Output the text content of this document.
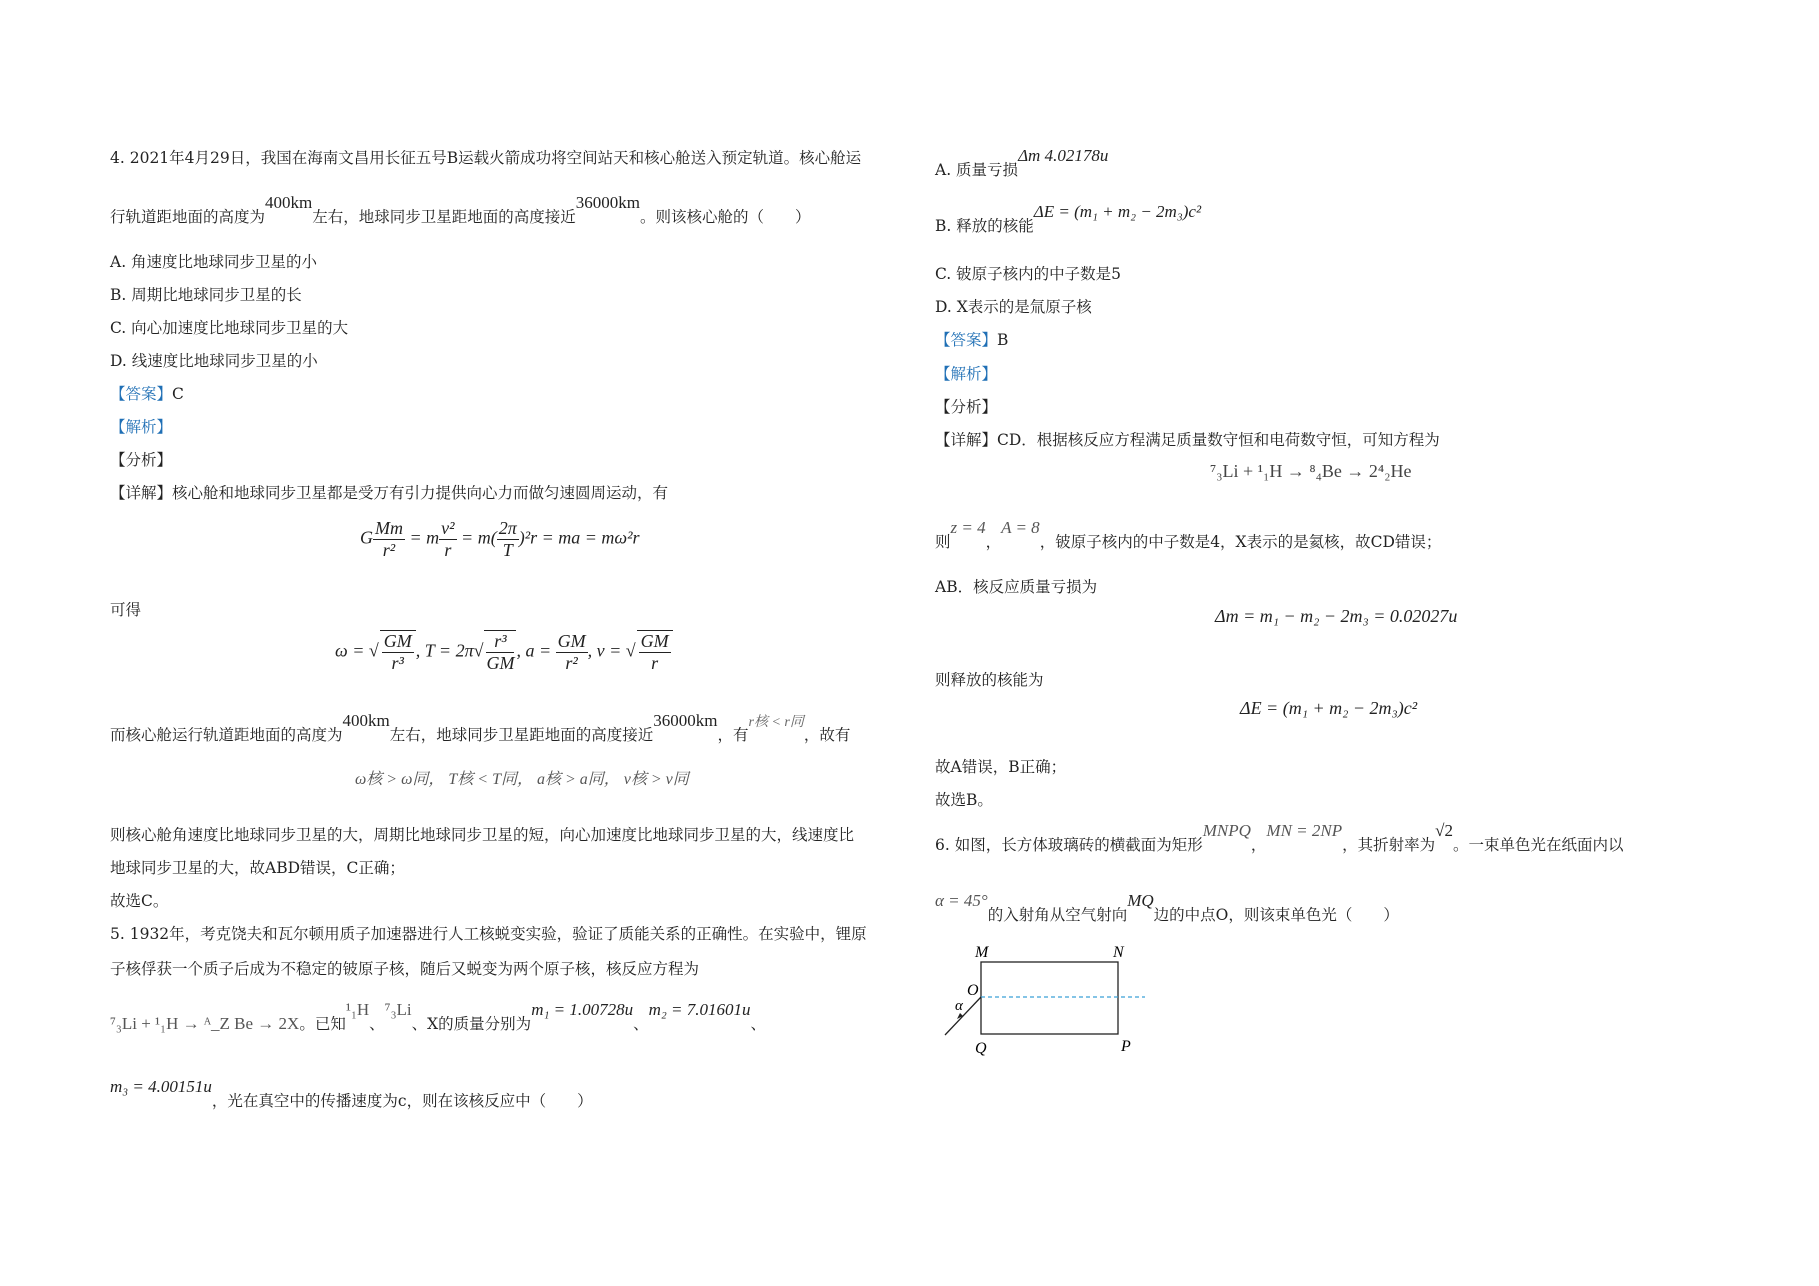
4. 2021年4月29日，我国在海南文昌用长征五号B运载火箭成功将空间站天和核心舱送入预定轨道。核心舱运
行轨道距地面的高度为400km左右，地球同步卫星距地面的高度接近36000km。则该核心舱的（　　）
A. 角速度比地球同步卫星的小
B. 周期比地球同步卫星的长
C. 向心加速度比地球同步卫星的大
D. 线速度比地球同步卫星的小
【答案】C
【解析】
【分析】
【详解】核心舱和地球同步卫星都是受万有引力提供向心力而做匀速圆周运动，有
G $\frac{Mm}{\text{r²}} = m \frac{\text{v²}}{r} = m( \frac{2\pi}{T} )^2r$ = ma = mω²r
可得
ω = √ $\frac{GM}{\text{r³}}$ , $T = 2\pi√ \frac{\text{r³}}{GM}$ , $a = \frac{GM}{\text{r²}}$ , v = √ $\frac{GM}{r}$
而核心舱运行轨道距地面的高度为400km左右，地球同步卫星距地面的高度接近36000km，有r核 < r同，故有
ω核 > ω同， T核 < T同， a核 > a同， v核 > v同
则核心舱角速度比地球同步卫星的大，周期比地球同步卫星的短，向心加速度比地球同步卫星的大，线速度比
地球同步卫星的大，故ABD错误，C正确；
故选C。
5. 1932年，考克饶夫和瓦尔顿用质子加速器进行人工核蜕变实验，验证了质能关系的正确性。在实验中，锂原
子核俘获一个质子后成为不稳定的铍原子核，随后又蜕变为两个原子核，核反应方程为
⁷₃Li + ¹₁H → ᴬ_Z Be → 2X。已知¹₁H、⁷₃Li、X的质量分别为m₁ = 1.00728u、m₂ = 7.01601u、
m₃ = 4.00151u，光在真空中的传播速度为c，则在该核反应中（　　）
A. 质量亏损Δm 4.02178u
B. 释放的核能ΔE = (m₁ + m₂ − 2m₃)c²
C. 铍原子核内的中子数是5
D. X表示的是氚原子核
【答案】B
【解析】
【分析】
【详解】CD．根据核反应方程满足质量数守恒和电荷数守恒，可知方程为
⁷₃Li + ¹₁H → ⁸₄Be → 2⁴₂He
则z = 4，A = 8，铍原子核内的中子数是4，X表示的是氦核，故CD错误；
AB．核反应质量亏损为
Δm = m₁ − m₂ − 2m₃ = 0.02027u
则释放的核能为
ΔE = (m₁ + m₂ − 2m₃)c²
故A错误，B正确；
故选B。
6. 如图，长方体玻璃砖的横截面为矩形MNPQ，MN = 2NP，其折射率为√2。一束单色光在纸面内以
α = 45°的入射角从空气射向MQ边的中点O，则该束单色光（　　）
M	N
P
Q
O
α
